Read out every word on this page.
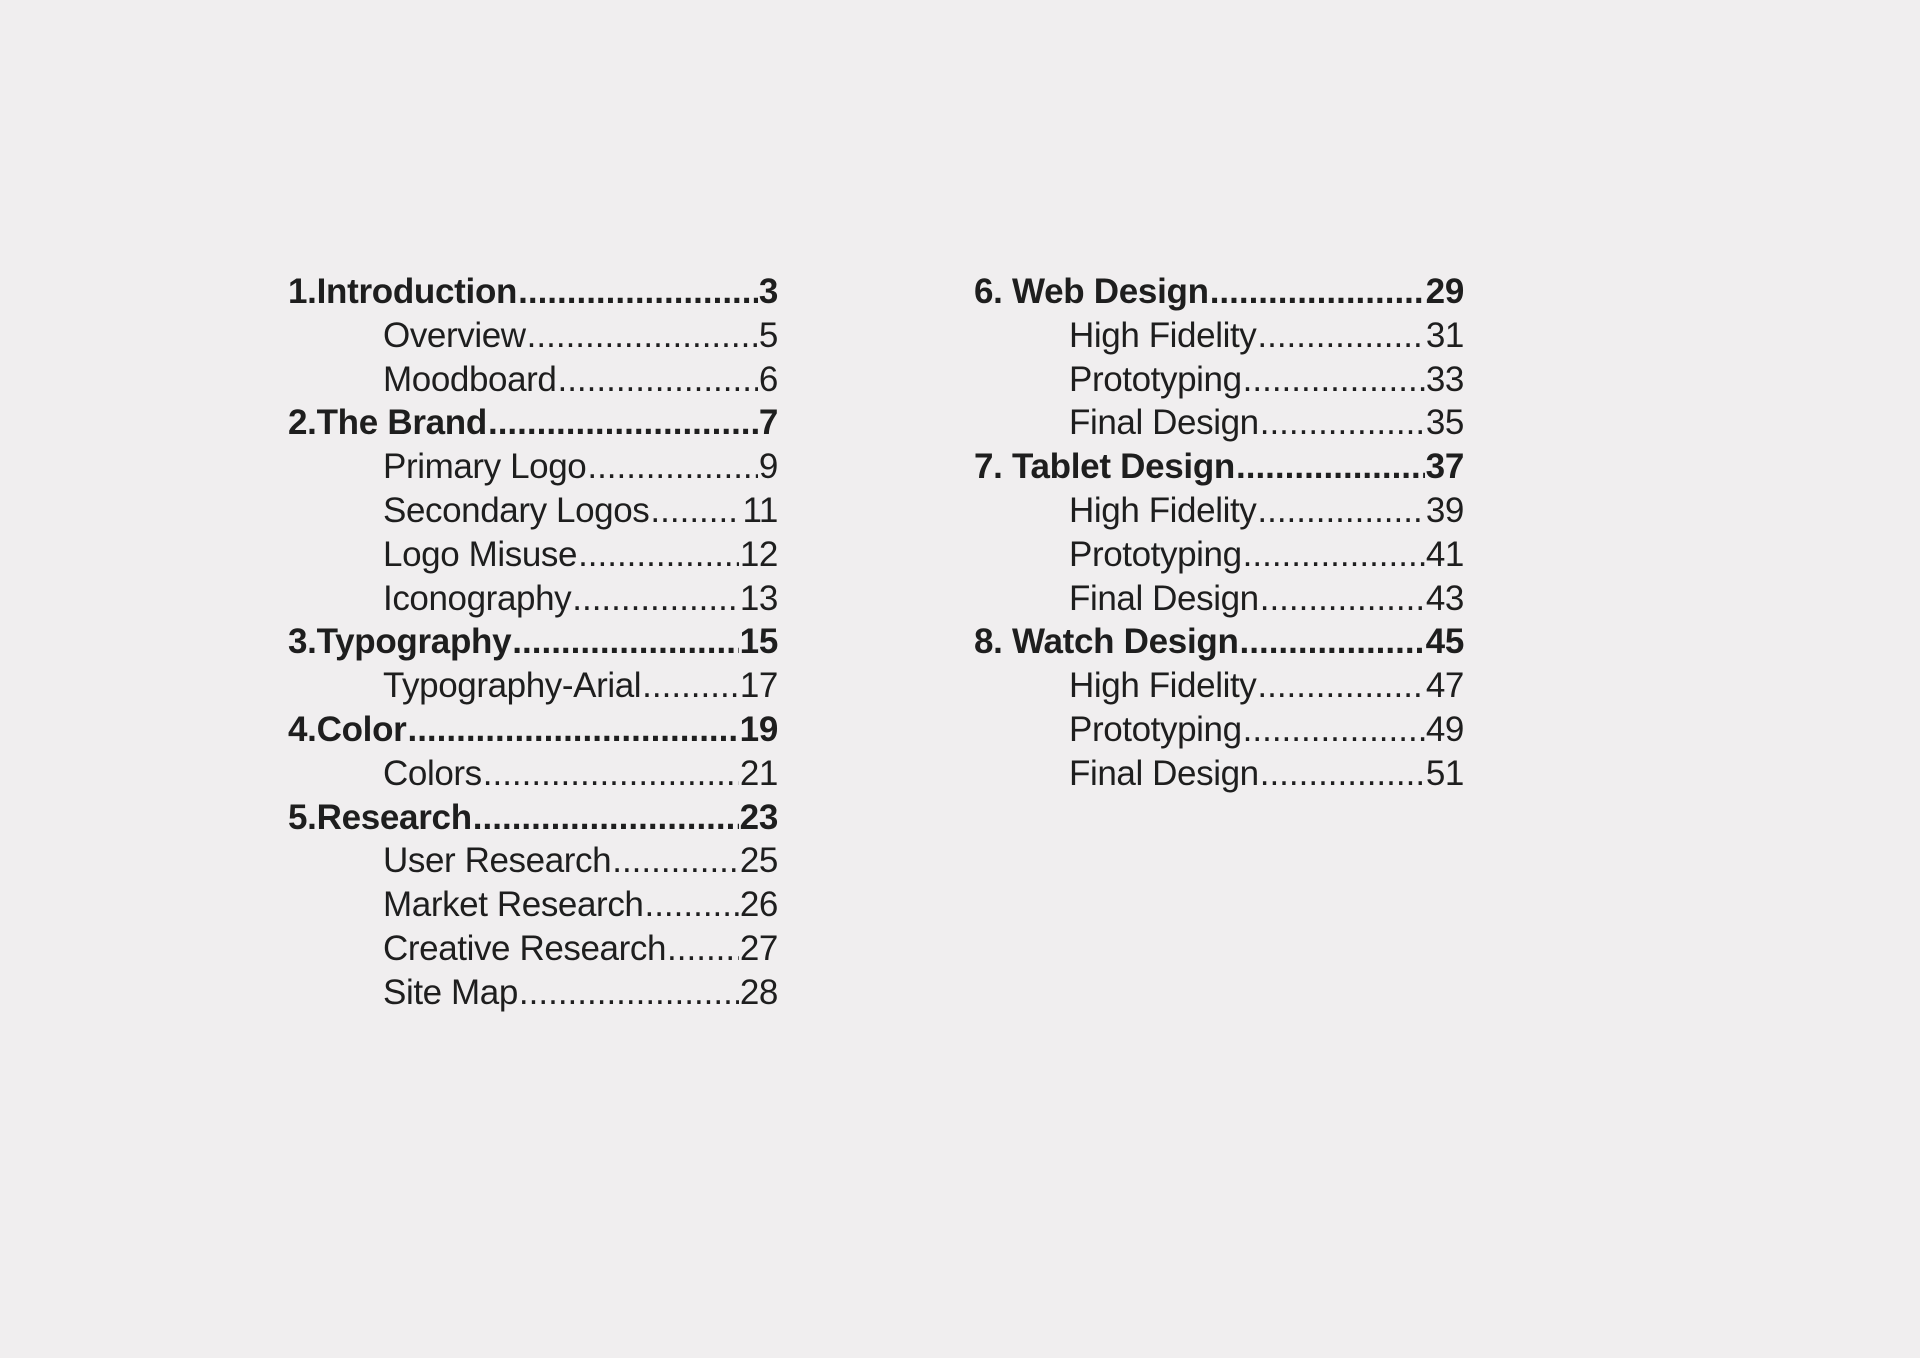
1.Introduction .....	3
Overview .....	5
Moodboard .....	6
2.The Brand .....	7
Primary Logo .....	9
Secondary Logos .....	11
Logo Misuse .....	12
Iconography .....	13
3.Typography .....	15
Typography-Arial .....	17
4.Color .....	19
Colors .....	21
5.Research .....	23
User Research .....	25
Market Research .....	26
Creative Research ..... 27
Site Map .....	28
6. Web Design .....	29
High Fidelity .....	31
Prototyping .....	33
Final Design .....	35
7. Tablet Design .....	37
High Fidelity .....	39
Prototyping .....	41
Final Design .....	43
8. Watch Design .....	45
High Fidelity .....	47
Prototyping .....	49
Final Design .....	51
